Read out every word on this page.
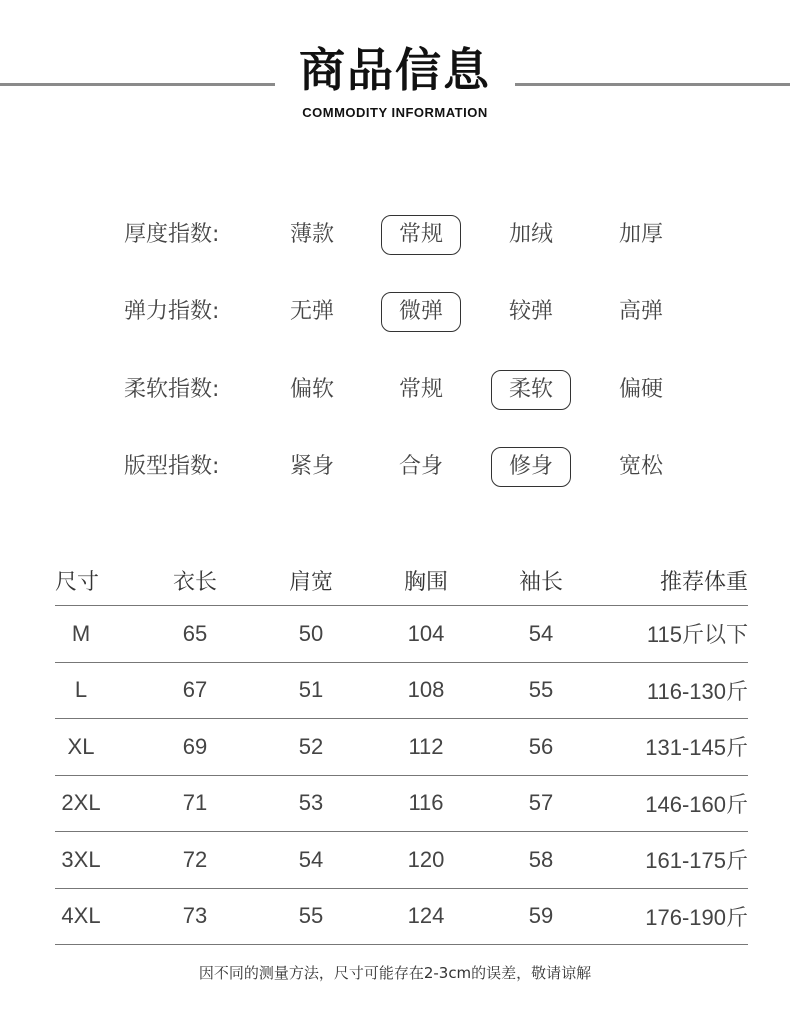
商品信息
COMMODITY INFORMATION
厚度指数:	薄款	常规	加绒	加厚
弹力指数:	无弹	微弹	较弹	高弹
柔软指数:	偏软	常规	柔软	偏硬
版型指数:	紧身	合身	修身	宽松
尺寸	衣长	肩宽	胸围	袖长	推荐体重
M	65	50	104	54	115斤以下
L	67	51	108	55	116-130斤
XL	69	52	112	56	131-145斤
2XL	71	53	116	57	146-160斤
3XL	72	54	120	58	161-175斤
4XL	73	55	124	59	176-190斤
因不同的测量方法，尺寸可能存在2-3cm的误差，敬请谅解
